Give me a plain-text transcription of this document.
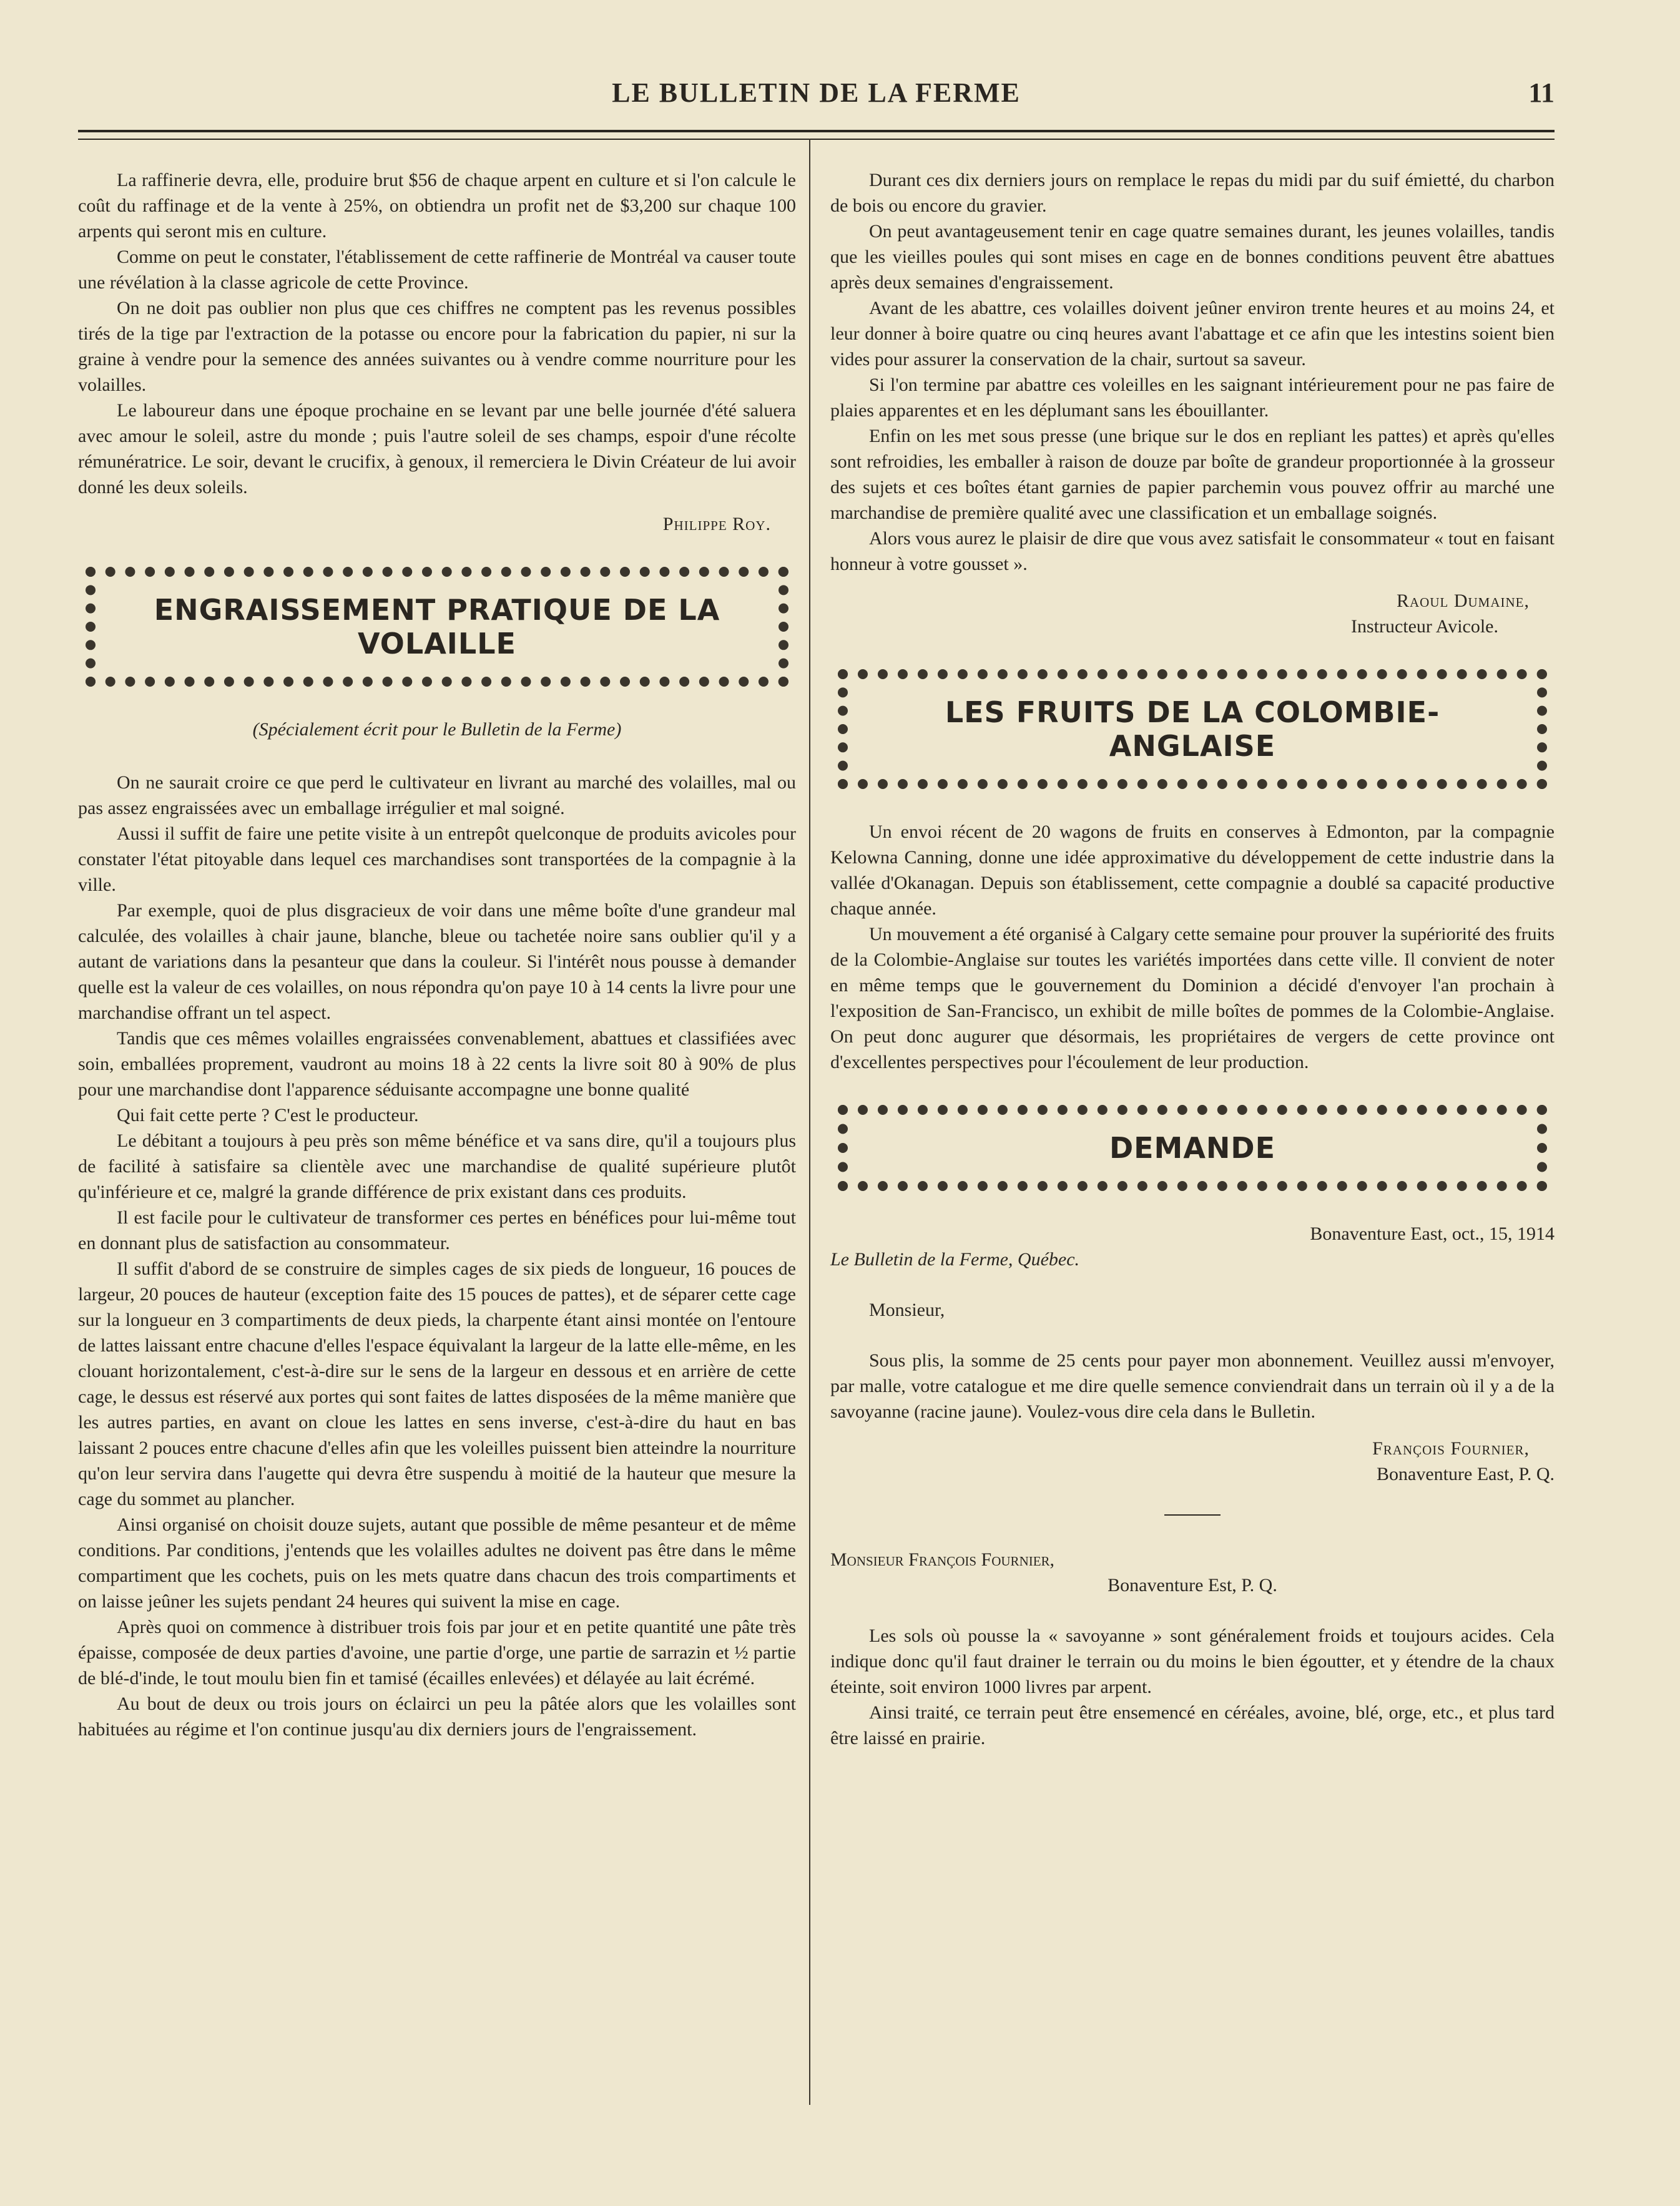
LE BULLETIN DE LA FERME	11

La raffinerie devra, elle, produire brut $56 de chaque arpent en culture et si l'on calcule le coût du raffinage et de la vente à 25%, on obtiendra un profit net de $3,200 sur chaque 100 arpents qui seront mis en culture.

Comme on peut le constater, l'établissement de cette raffinerie de Montréal va causer toute une révélation à la classe agricole de cette Province.

On ne doit pas oublier non plus que ces chiffres ne comptent pas les revenus possibles tirés de la tige par l'extraction de la potasse ou encore pour la fabrication du papier, ni sur la graine à vendre pour la semence des années suivantes ou à vendre comme nourriture pour les volailles.

Le laboureur dans une époque prochaine en se levant par une belle journée d'été saluera avec amour le soleil, astre du monde ; puis l'autre soleil de ses champs, espoir d'une récolte rémunératrice. Le soir, devant le crucifix, à genoux, il remerciera le Divin Créateur de lui avoir donné les deux soleils.

Philippe Roy.
ENGRAISSEMENT PRATIQUE DE LA VOLAILLE
(Spécialement écrit pour le Bulletin de la Ferme)

On ne saurait croire ce que perd le cultivateur en livrant au marché des volailles, mal ou pas assez engraissées avec un emballage irrégulier et mal soigné.

Aussi il suffit de faire une petite visite à un entrepôt quelconque de produits avicoles pour constater l'état pitoyable dans lequel ces marchandises sont transportées de la compagnie à la ville.

Par exemple, quoi de plus disgracieux de voir dans une même boîte d'une grandeur mal calculée, des volailles à chair jaune, blanche, bleue ou tachetée noire sans oublier qu'il y a autant de variations dans la pesanteur que dans la couleur. Si l'intérêt nous pousse à demander quelle est la valeur de ces volailles, on nous répondra qu'on paye 10 à 14 cents la livre pour une marchandise offrant un tel aspect.

Tandis que ces mêmes volailles engraissées convenablement, abattues et classifiées avec soin, emballées proprement, vaudront au moins 18 à 22 cents la livre soit 80 à 90% de plus pour une marchandise dont l'apparence séduisante accompagne une bonne qualité

Qui fait cette perte ? C'est le producteur.

Le débitant a toujours à peu près son même bénéfice et va sans dire, qu'il a toujours plus de facilité à satisfaire sa clientèle avec une marchandise de qualité supérieure plutôt qu'inférieure et ce, malgré la grande différence de prix existant dans ces produits.

Il est facile pour le cultivateur de transformer ces pertes en bénéfices pour lui-même tout en donnant plus de satisfaction au consommateur.

Il suffit d'abord de se construire de simples cages de six pieds de longueur, 16 pouces de largeur, 20 pouces de hauteur (exception faite des 15 pouces de pattes), et de séparer cette cage sur la longueur en 3 compartiments de deux pieds, la charpente étant ainsi montée on l'entoure de lattes laissant entre chacune d'elles l'espace équivalant la largeur de la latte elle-même, en les clouant horizontalement, c'est-à-dire sur le sens de la largeur en dessous et en arrière de cette cage, le dessus est réservé aux portes qui sont faites de lattes disposées de la même manière que les autres parties, en avant on cloue les lattes en sens inverse, c'est-à-dire du haut en bas laissant 2 pouces entre chacune d'elles afin que les voleilles puissent bien atteindre la nourriture qu'on leur servira dans l'augette qui devra être suspendu à moitié de la hauteur que mesure la cage du sommet au plancher.

Ainsi organisé on choisit douze sujets, autant que possible de même pesanteur et de même conditions. Par conditions, j'entends que les volailles adultes ne doivent pas être dans le même compartiment que les cochets, puis on les mets quatre dans chacun des trois compartiments et on laisse jeûner les sujets pendant 24 heures qui suivent la mise en cage.

Après quoi on commence à distribuer trois fois par jour et en petite quantité une pâte très épaisse, composée de deux parties d'avoine, une partie d'orge, une partie de sarrazin et ½ partie de blé-d'inde, le tout moulu bien fin et tamisé (écailles enlevées) et délayée au lait écrémé.

Au bout de deux ou trois jours on éclairci un peu la pâtée alors que les volailles sont habituées au régime et l'on continue jusqu'au dix derniers jours de l'engraissement.

Durant ces dix derniers jours on remplace le repas du midi par du suif émietté, du charbon de bois ou encore du gravier.

On peut avantageusement tenir en cage quatre semaines durant, les jeunes volailles, tandis que les vieilles poules qui sont mises en cage en de bonnes conditions peuvent être abattues après deux semaines d'engraissement.

Avant de les abattre, ces volailles doivent jeûner environ trente heures et au moins 24, et leur donner à boire quatre ou cinq heures avant l'abattage et ce afin que les intestins soient bien vides pour assurer la conservation de la chair, surtout sa saveur.

Si l'on termine par abattre ces voleilles en les saignant intérieurement pour ne pas faire de plaies apparentes et en les déplumant sans les ébouillanter.

Enfin on les met sous presse (une brique sur le dos en repliant les pattes) et après qu'elles sont refroidies, les emballer à raison de douze par boîte de grandeur proportionnée à la grosseur des sujets et ces boîtes étant garnies de papier parchemin vous pouvez offrir au marché une marchandise de première qualité avec une classification et un emballage soignés.

Alors vous aurez le plaisir de dire que vous avez satisfait le consommateur « tout en faisant honneur à votre gousset ».

Raoul Dumaine,
Instructeur Avicole.
LES FRUITS DE LA COLOMBIE-ANGLAISE

Un envoi récent de 20 wagons de fruits en conserves à Edmonton, par la compagnie Kelowna Canning, donne une idée approximative du développement de cette industrie dans la vallée d'Okanagan. Depuis son établissement, cette compagnie a doublé sa capacité productive chaque année.

Un mouvement a été organisé à Calgary cette semaine pour prouver la supériorité des fruits de la Colombie-Anglaise sur toutes les variétés importées dans cette ville. Il convient de noter en même temps que le gouvernement du Dominion a décidé d'envoyer l'an prochain à l'exposition de San-Francisco, un exhibit de mille boîtes de pommes de la Colombie-Anglaise. On peut donc augurer que désormais, les propriétaires de vergers de cette province ont d'excellentes perspectives pour l'écoulement de leur production.

DEMANDE
Bonaventure East, oct., 15, 1914
Le Bulletin de la Ferme, Québec.

Monsieur,

Sous plis, la somme de 25 cents pour payer mon abonnement. Veuillez aussi m'envoyer, par malle, votre catalogue et me dire quelle semence conviendrait dans un terrain où il y a de la savoyanne (racine jaune). Voulez-vous dire cela dans le Bulletin.

François Fournier,
Bonaventure East, P. Q.
Monsieur François Fournier,
Bonaventure Est, P. Q.

Les sols où pousse la « savoyanne » sont généralement froids et toujours acides. Cela indique donc qu'il faut drainer le terrain ou du moins le bien égoutter, et y étendre de la chaux éteinte, soit environ 1000 livres par arpent.

Ainsi traité, ce terrain peut être ensemencé en céréales, avoine, blé, orge, etc., et plus tard être laissé en prairie.
